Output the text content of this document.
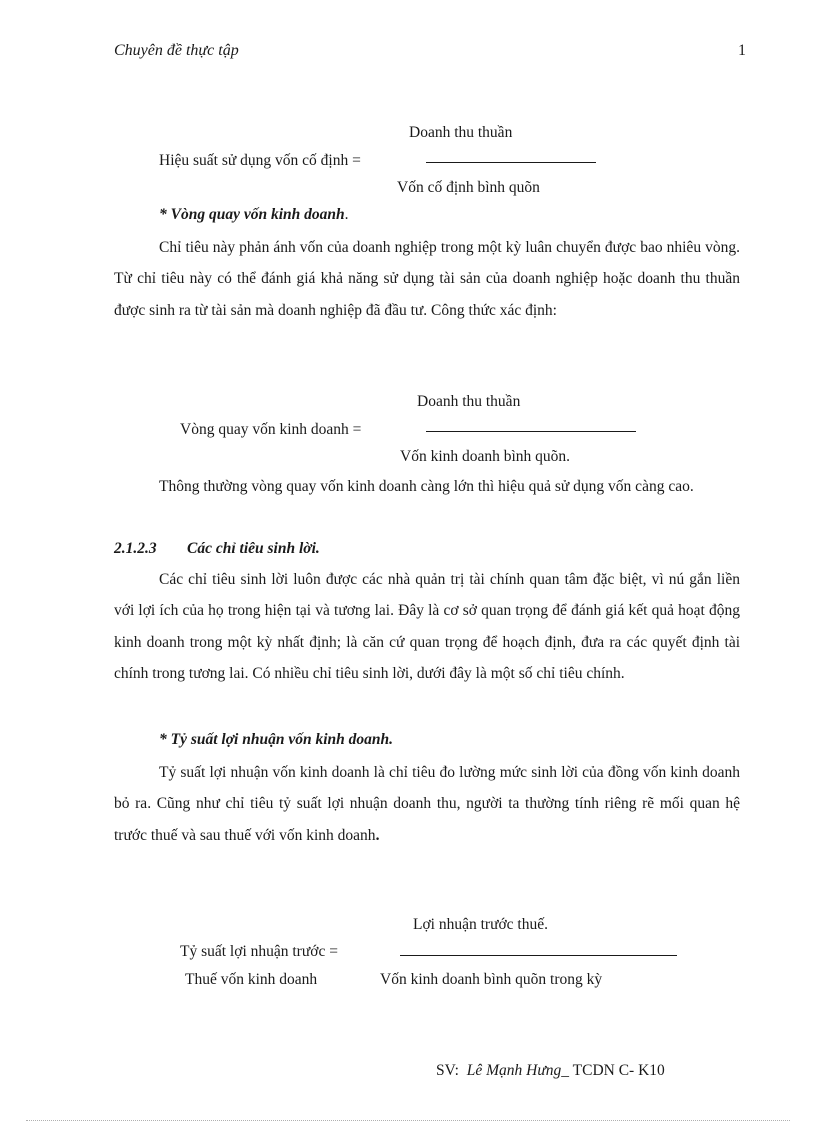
Chuyên đề thực tập	1
Doanh thu thuần
Hiệu suất sử dụng vốn cố định =
Vốn cố định bình quõn
* Vòng quay vốn kinh doanh.
Chỉ tiêu này phản ánh vốn của doanh nghiệp trong một kỳ luân chuyển được bao nhiêu vòng. Từ chỉ tiêu này có thể đánh giá khả năng sử dụng tài sản của doanh nghiệp hoặc doanh thu thuần được sinh ra từ tài sản mà doanh nghiệp đã đầu tư. Công thức xác định:
Doanh thu thuần
Vòng quay vốn kinh doanh =
Vốn kinh doanh bình quõn.
Thông thường vòng quay vốn kinh doanh càng lớn thì hiệu quả sử dụng vốn càng cao.
2.1.2.3 Các chỉ tiêu sinh lời.
Các chỉ tiêu sinh lời luôn được các nhà quản trị tài chính quan tâm đặc biệt, vì nú gắn liền với lợi ích của họ trong hiện tại và tương lai. Đây là cơ sở quan trọng để đánh giá kết quả hoạt động kinh doanh trong một kỳ nhất định; là căn cứ quan trọng để hoạch định, đưa ra các quyết định tài chính trong tương lai. Có nhiều chỉ tiêu sinh lời, dưới đây là một số chỉ tiêu chính.
* Tỷ suất lợi nhuận vốn kinh doanh.
Tỷ suất lợi nhuận vốn kinh doanh là chỉ tiêu đo lường mức sinh lời của đồng vốn kinh doanh bỏ ra. Cũng như chỉ tiêu tỷ suất lợi nhuận doanh thu, người ta thường tính riêng rẽ mối quan hệ trước thuế và sau thuế với vốn kinh doanh.
Lợi nhuận trước thuế.
Tỷ suất lợi nhuận trước =
Thuế vốn kinh doanh	Vốn kinh doanh bình quõn trong kỳ
SV: Lê Mạnh Hưng_ TCDN C- K10
